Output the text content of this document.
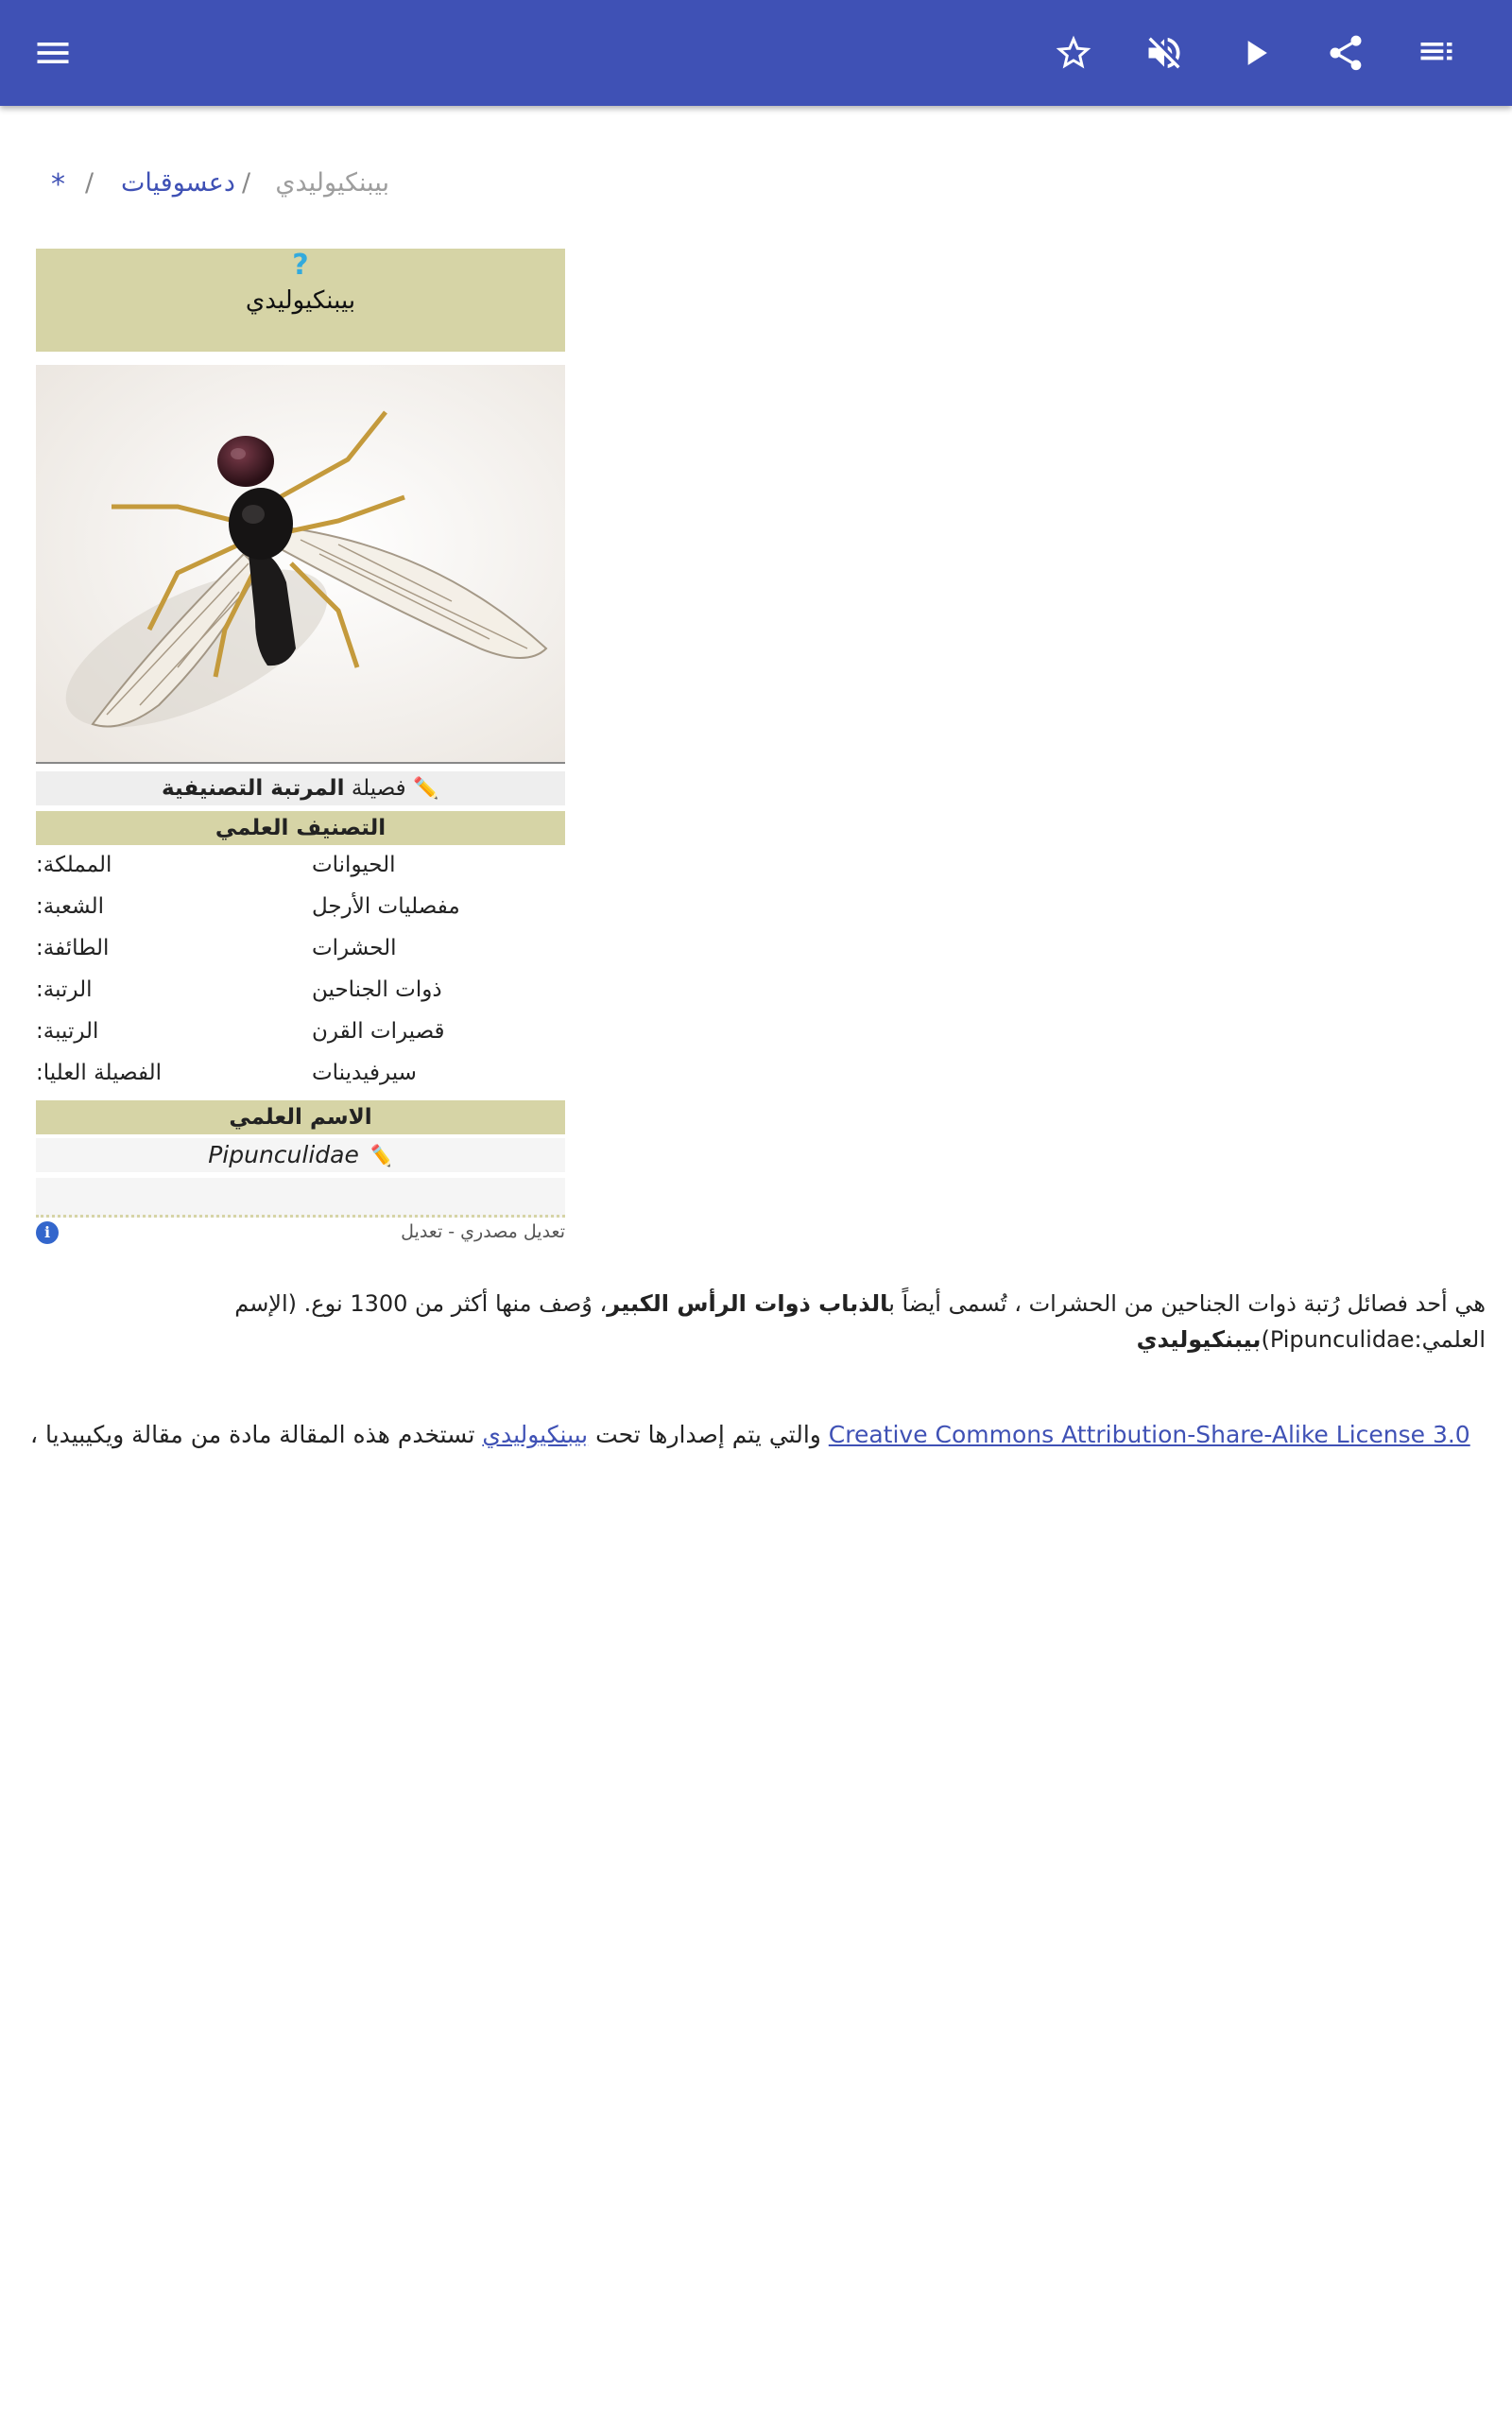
بيبنكيوليدي
/
دعسوقيات
/
*
?
بيبنكيوليدي
✏️ فصيلة المرتبة التصنيفية
التصنيف العلمي
:المملكة	الحيوانات
:الشعبة	مفصليات الأرجل
:الطائفة	الحشرات
:الرتبة	ذوات الجناحين
:الرتيبة	قصيرات القرن
:الفصيلة العليا	سيرفيدينات
الاسم العلمي
Pipunculidae ✏️
i	تعديل مصدري - تعديل
هي أحد فصائل رُتبة ذوات الجناحين من الحشرات ، تُسمى أيضاً بالذباب ذوات الرأس الكبير، وُصف منها أكثر من 1300 نوع. (الإسم العلمي:Pipunculidae)بيبنكيوليدي
، والتي يتم إصدارها تحت بيبنكيوليدي تستخدم هذه المقالة مادة من مقالة ويكيبيديا	Creative Commons Attribution-Share-Alike License 3.0
